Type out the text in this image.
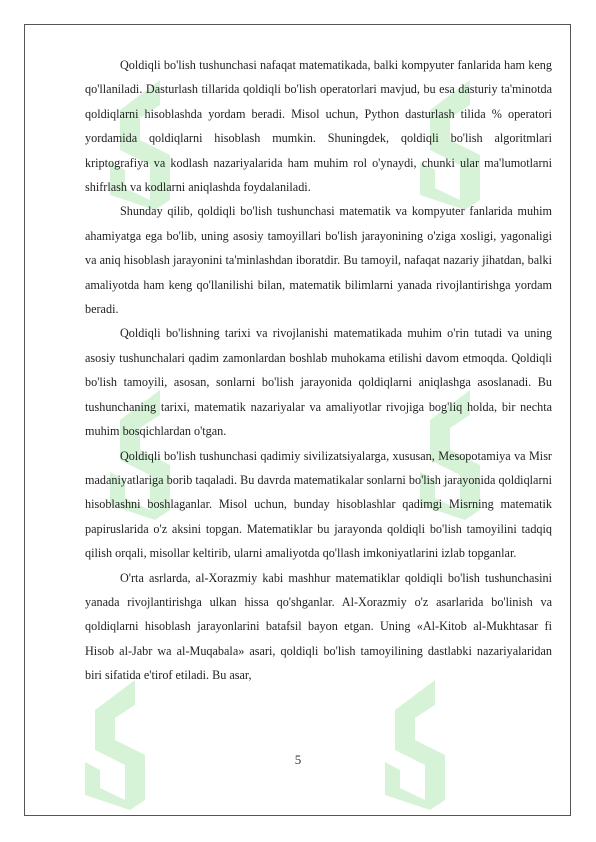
Qoldiqli bo'lish tushunchasi nafaqat matematikada, balki kompyuter fanlarida ham keng qo'llaniladi. Dasturlash tillarida qoldiqli bo'lish operatorlari mavjud, bu esa dasturiy ta'minotda qoldiqlarni hisoblashda yordam beradi. Misol uchun, Python dasturlash tilida % operatori yordamida qoldiqlarni hisoblash mumkin. Shuningdek, qoldiqli bo'lish algoritmlari kriptografiya va kodlash nazariyalarida ham muhim rol o'ynaydi, chunki ular ma'lumotlarni shifrlash va kodlarni aniqlashda foydalaniladi.

Shunday qilib, qoldiqli bo'lish tushunchasi matematik va kompyuter fanlarida muhim ahamiyatga ega bo'lib, uning asosiy tamoyillari bo'lish jarayonining o'ziga xosligi, yagonaligi va aniq hisoblash jarayonini ta'minlashdan iboratdir. Bu tamoyil, nafaqat nazariy jihatdan, balki amaliyotda ham keng qo'llanilishi bilan, matematik bilimlarni yanada rivojlantirishga yordam beradi.

Qoldiqli bo'lishning tarixi va rivojlanishi matematikada muhim o'rin tutadi va uning asosiy tushunchalari qadim zamonlardan boshlab muhokama etilishi davom etmoqda. Qoldiqli bo'lish tamoyili, asosan, sonlarni bo'lish jarayonida qoldiqlarni aniqlashga asoslanadi. Bu tushunchaning tarixi, matematik nazariyalar va amaliyotlar rivojiga bog'liq holda, bir nechta muhim bosqichlardan o'tgan.

Qoldiqli bo'lish tushunchasi qadimiy sivilizatsiyalarga, xususan, Mesopotamiya va Misr madaniyatlariga borib taqaladi. Bu davrda matematikalar sonlarni bo'lish jarayonida qoldiqlarni hisoblashni boshlaganlar. Misol uchun, bunday hisoblashlar qadimgi Misrning matematik papiruslarida o'z aksini topgan. Matematiklar bu jarayonda qoldiqli bo'lish tamoyilini tadqiq qilish orqali, misollar keltirib, ularni amaliyotda qo'llash imkoniyatlarini izlab topganlar.

O'rta asrlarda, al-Xorazmiy kabi mashhur matematiklar qoldiqli bo'lish tushunchasini yanada rivojlantirishga ulkan hissa qo'shganlar. Al-Xorazmiy o'z asarlarida bo'linish va qoldiqlarni hisoblash jarayonlarini batafsil bayon etgan. Uning «Al-Kitob al-Mukhtasar fi Hisob al-Jabr wa al-Muqabala» asari, qoldiqli bo'lish tamoyilining dastlabki nazariyalaridan biri sifatida e'tirof etiladi. Bu asar,

5
